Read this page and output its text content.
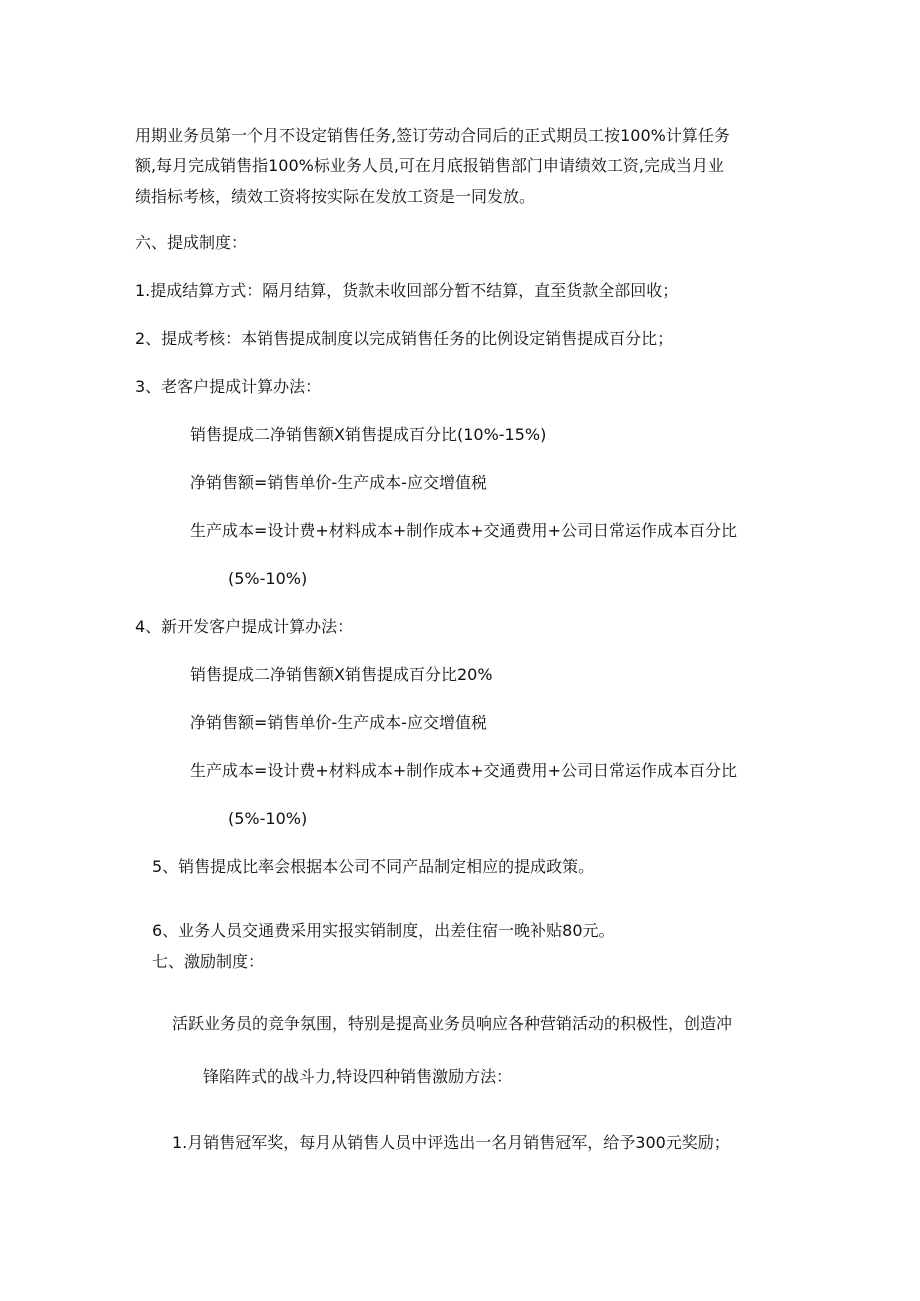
用期业务员第一个月不设定销售任务,签订劳动合同后的正式期员工按100%计算任务
额,每月完成销售指100%标业务人员,可在月底报销售部门申请绩效工资,完成当月业
绩指标考核，绩效工资将按实际在发放工资是一同发放。
六、提成制度：
1.提成结算方式：隔月结算，货款未收回部分暂不结算，直至货款全部回收；
2、提成考核：本销售提成制度以完成销售任务的比例设定销售提成百分比；
3、老客户提成计算办法：
销售提成二净销售额X销售提成百分比(10%-15%)
净销售额=销售单价-生产成本-应交增值税
生产成本=设计费+材料成本+制作成本+交通费用+公司日常运作成本百分比
(5%-10%)
4、新开发客户提成计算办法：
销售提成二净销售额X销售提成百分比20%
净销售额=销售单价-生产成本-应交增值税
生产成本=设计费+材料成本+制作成本+交通费用+公司日常运作成本百分比
(5%-10%)
5、销售提成比率会根据本公司不同产品制定相应的提成政策。
6、业务人员交通费采用实报实销制度，出差住宿一晚补贴80元。
七、激励制度：
活跃业务员的竞争氛围，特别是提高业务员响应各种营销活动的积极性，创造冲
锋陷阵式的战斗力,特设四种销售激励方法：
1.月销售冠军奖，每月从销售人员中评选出一名月销售冠军，给予300元奖励；
